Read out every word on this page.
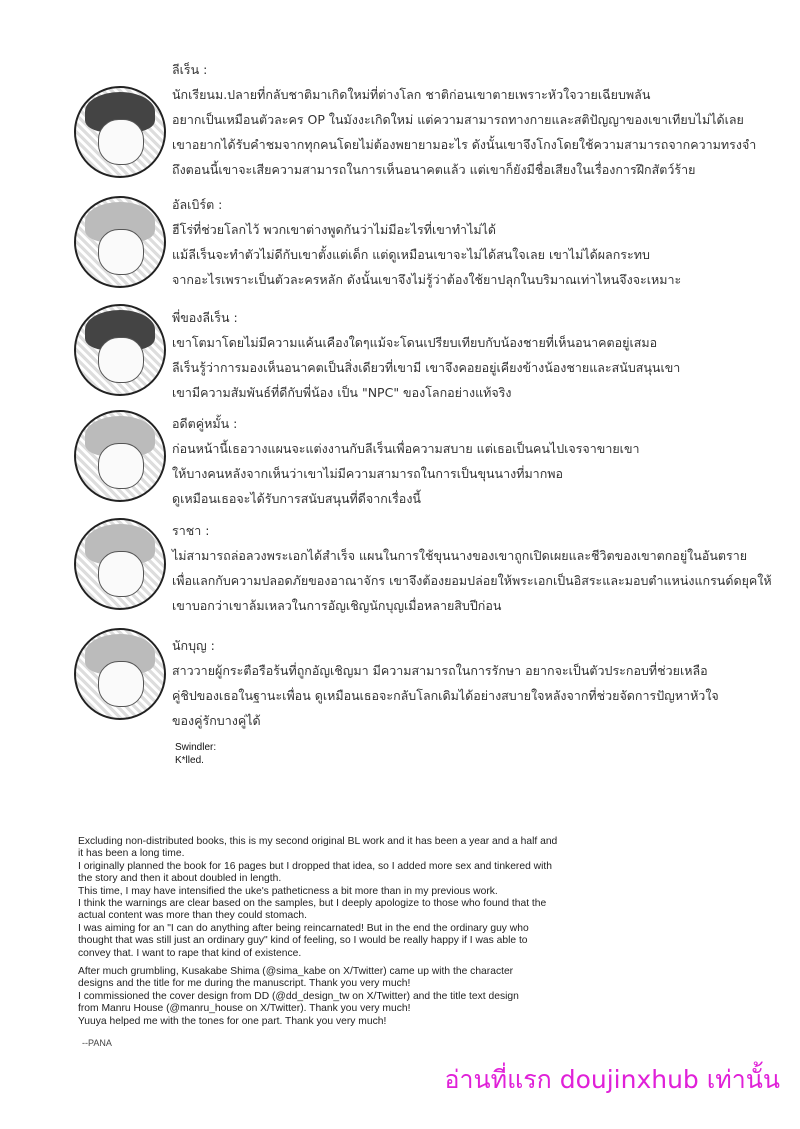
ลีเร็น :
นักเรียนม.ปลายที่กลับชาติมาเกิดใหม่ที่ต่างโลก ชาติก่อนเขาตายเพราะหัวใจวายเฉียบพลัน
อยากเป็นเหมือนตัวละคร OP ในมังงะเกิดใหม่ แต่ความสามารถทางกายและสติปัญญาของเขาเทียบไม่ได้เลย
เขาอยากได้รับคำชมจากทุกคนโดยไม่ต้องพยายามอะไร ดังนั้นเขาจึงโกงโดยใช้ความสามารถจากความทรงจำ
ถึงตอนนี้เขาจะเสียความสามารถในการเห็นอนาคตแล้ว แต่เขาก็ยังมีชื่อเสียงในเรื่องการฝึกสัตว์ร้าย
อัลเบิร์ต :
ฮีโร่ที่ช่วยโลกไว้ พวกเขาต่างพูดกันว่าไม่มีอะไรที่เขาทำไม่ได้
แม้ลีเร็นจะทำตัวไม่ดีกับเขาตั้งแต่เด็ก แต่ดูเหมือนเขาจะไม่ได้สนใจเลย เขาไม่ได้ผลกระทบ
จากอะไรเพราะเป็นตัวละครหลัก ดังนั้นเขาจึงไม่รู้ว่าต้องใช้ยาปลุกในบริมาณเท่าไหนจึงจะเหมาะ
พี่ของลีเร็น :
เขาโตมาโดยไม่มีความแค้นเคืองใดๆแม้จะโดนเปรียบเทียบกับน้องชายที่เห็นอนาคตอยู่เสมอ
ลีเร็นรู้ว่าการมองเห็นอนาคตเป็นสิ่งเดียวที่เขามี เขาจึงคอยอยู่เคียงข้างน้องชายและสนับสนุนเขา
เขามีความสัมพันธ์ที่ดีกับพี่น้อง เป็น "NPC" ของโลกอย่างแท้จริง
อดีตคู่หมั้น :
ก่อนหน้านี้เธอวางแผนจะแต่งงานกับลีเร็นเพื่อความสบาย แต่เธอเป็นคนไปเจรจาขายเขา
ให้บางคนหลังจากเห็นว่าเขาไม่มีความสามารถในการเป็นขุนนางที่มากพอ
ดูเหมือนเธอจะได้รับการสนับสนุนที่ดีจากเรื่องนี้
ราชา :
ไม่สามารถล่อลวงพระเอกได้สำเร็จ แผนในการใช้ขุนนางของเขาถูกเปิดเผยและชีวิตของเขาตกอยู่ในอันตราย
เพื่อแลกกับความปลอดภัยของอาณาจักร เขาจึงต้องยอมปล่อยให้พระเอกเป็นอิสระและมอบตำแหน่งแกรนด์ดยุคให้
เขาบอกว่าเขาล้มเหลวในการอัญเชิญนักบุญเมื่อหลายสิบปีก่อน
นักบุญ :
สาววายผู้กระตือรือร้นที่ถูกอัญเชิญมา มีความสามารถในการรักษา อยากจะเป็นตัวประกอบที่ช่วยเหลือ
คู่ชิปของเธอในฐานะเพื่อน ดูเหมือนเธอจะกลับโลกเดิมได้อย่างสบายใจหลังจากที่ช่วยจัดการปัญหาหัวใจ
ของคู่รักบางคู่ได้
Swindler:
K*lled.
Excluding non-distributed books, this is my second original BL work and it has been a year and a half and
it has been a long time.
I originally planned the book for 16 pages but I dropped that idea, so I added more sex and tinkered with
the story and then it about doubled in length.
This time, I may have intensified the uke's patheticness a bit more than in my previous work.
I think the warnings are clear based on the samples, but I deeply apologize to those who found that the
actual content was more than they could stomach.
I was aiming for an "I can do anything after being reincarnated! But in the end the ordinary guy who
thought that was still just an ordinary guy" kind of feeling, so I would be really happy if I was able to
convey that. I want to rape that kind of existence.
After much grumbling, Kusakabe Shima (@sima_kabe on X/Twitter) came up with the character
designs and the title for me during the manuscript. Thank you very much!
I commissioned the cover design from DD (@dd_design_tw on X/Twitter) and the title text design
from Manru House (@manru_house on X/Twitter). Thank you very much!
Yuuya helped me with the tones for one part. Thank you very much!
--PANA
อ่านที่แรก doujinxhub เท่านั้น
